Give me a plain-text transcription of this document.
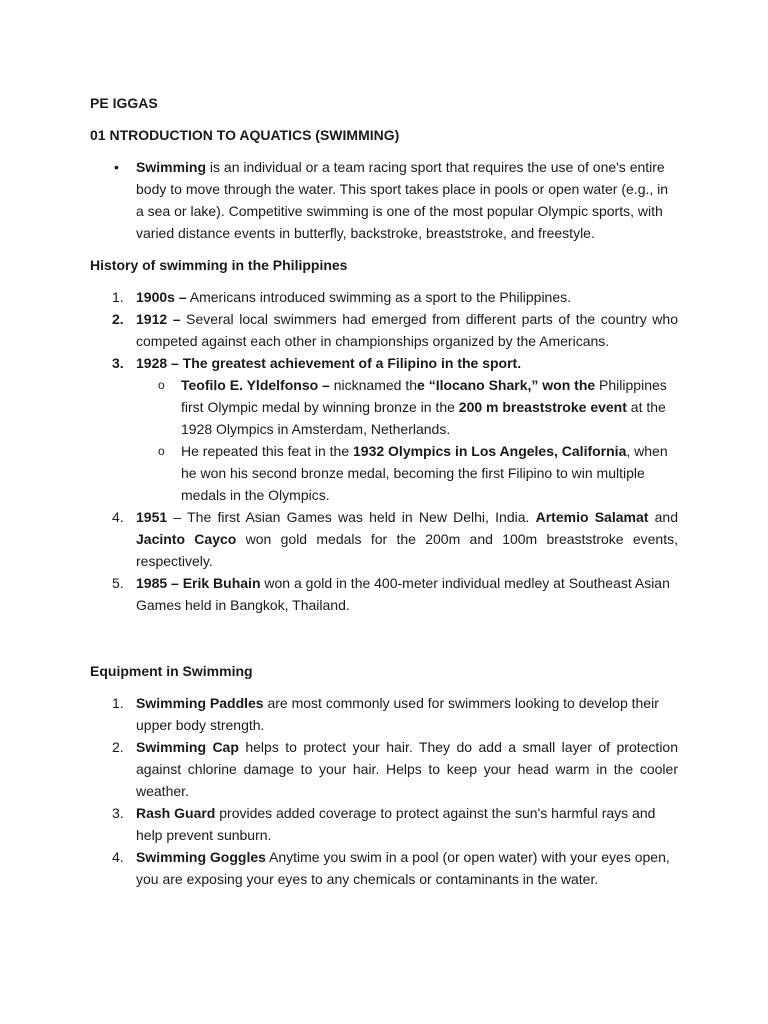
PE IGGAS

01 NTRODUCTION TO AQUATICS (SWIMMING)

• Swimming is an individual or a team racing sport that requires the use of one's entire body to move through the water. This sport takes place in pools or open water (e.g., in a sea or lake). Competitive swimming is one of the most popular Olympic sports, with varied distance events in butterfly, backstroke, breaststroke, and freestyle.

History of swimming in the Philippines

1. 1900s – Americans introduced swimming as a sport to the Philippines.
2. 1912 – Several local swimmers had emerged from different parts of the country who competed against each other in championships organized by the Americans.
3. 1928 – The greatest achievement of a Filipino in the sport.
o Teofilo E. Yldelfonso – nicknamed the “Ilocano Shark,” won the Philippines first Olympic medal by winning bronze in the 200 m breaststroke event at the 1928 Olympics in Amsterdam, Netherlands.
o He repeated this feat in the 1932 Olympics in Los Angeles, California, when he won his second bronze medal, becoming the first Filipino to win multiple medals in the Olympics.
4. 1951 – The first Asian Games was held in New Delhi, India. Artemio Salamat and Jacinto Cayco won gold medals for the 200m and 100m breaststroke events, respectively.
5. 1985 – Erik Buhain won a gold in the 400-meter individual medley at Southeast Asian Games held in Bangkok, Thailand.

Equipment in Swimming

1. Swimming Paddles are most commonly used for swimmers looking to develop their upper body strength.
2. Swimming Cap helps to protect your hair. They do add a small layer of protection against chlorine damage to your hair. Helps to keep your head warm in the cooler weather.
3. Rash Guard provides added coverage to protect against the sun's harmful rays and help prevent sunburn.
4. Swimming Goggles Anytime you swim in a pool (or open water) with your eyes open, you are exposing your eyes to any chemicals or contaminants in the water.
